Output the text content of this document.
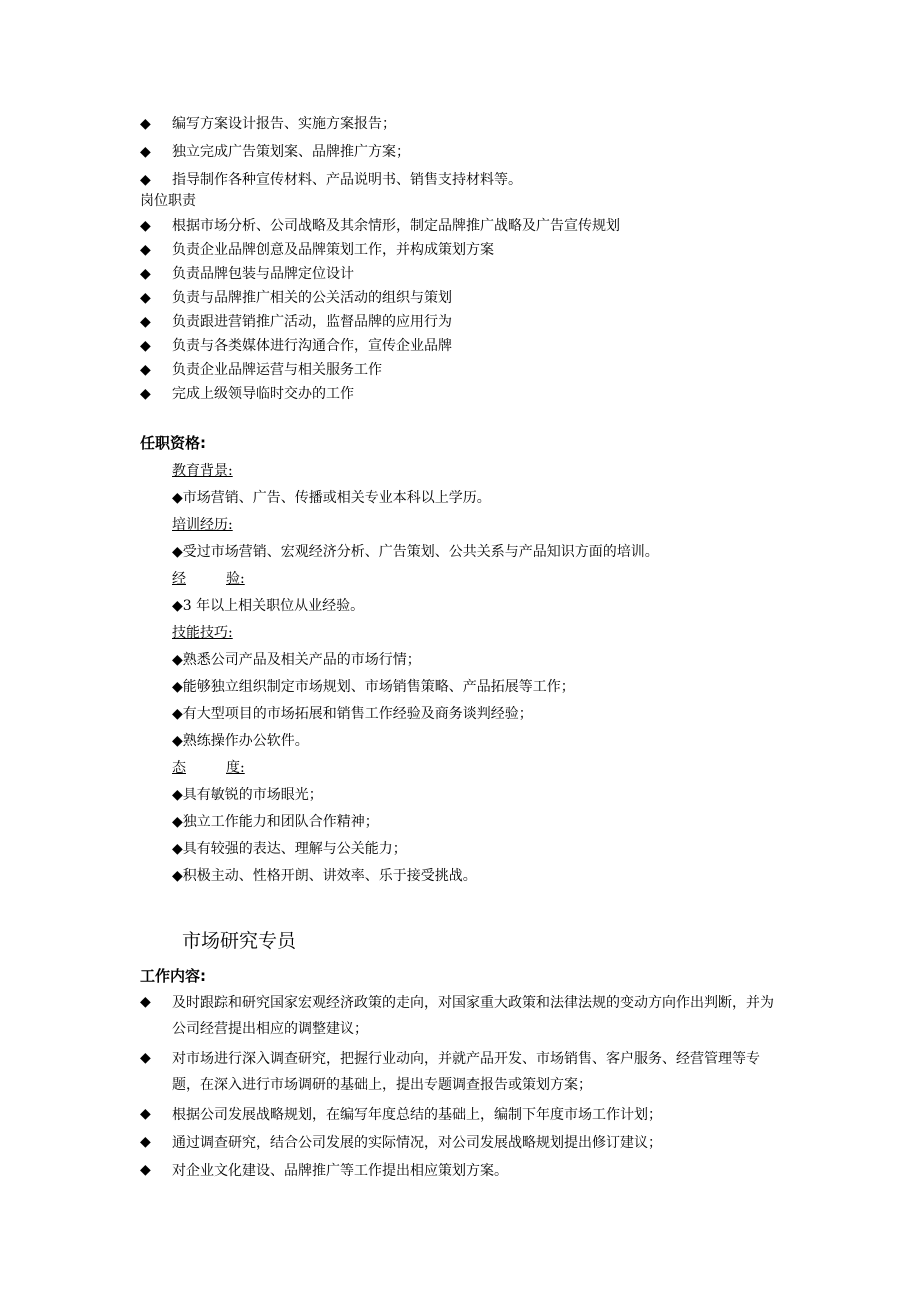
◆	编写方案设计报告、实施方案报告；
◆	独立完成广告策划案、品牌推广方案；
◆	指导制作各种宣传材料、产品说明书、销售支持材料等。
岗位职责
◆	根据市场分析、公司战略及其余情形，制定品牌推广战略及广告宣传规划
◆	负责企业品牌创意及品牌策划工作，并构成策划方案
◆	负责品牌包装与品牌定位设计
◆	负责与品牌推广相关的公关活动的组织与策划
◆	负责跟进营销推广活动，监督品牌的应用行为
◆	负责与各类媒体进行沟通合作，宣传企业品牌
◆	负责企业品牌运营与相关服务工作
◆	完成上级领导临时交办的工作
任职资格:
教育背景:
◆市场营销、广告、传播或相关专业本科以上学历。
培训经历:
◆受过市场营销、宏观经济分析、广告策划、公共关系与产品知识方面的培训。
经	验:
◆3 年以上相关职位从业经验。
技能技巧:
◆熟悉公司产品及相关产品的市场行情；
◆能够独立组织制定市场规划、市场销售策略、产品拓展等工作；
◆有大型项目的市场拓展和销售工作经验及商务谈判经验；
◆熟练操作办公软件。
态	度:
◆具有敏锐的市场眼光；
◆独立工作能力和团队合作精神；
◆具有较强的表达、理解与公关能力；
◆积极主动、性格开朗、讲效率、乐于接受挑战。
市场研究专员
工作内容:
◆	及时跟踪和研究国家宏观经济政策的走向，对国家重大政策和法律法规的变动方向作出判断，并为公司经营提出相应的调整建议；
◆	对市场进行深入调查研究，把握行业动向，并就产品开发、市场销售、客户服务、经营管理等专题，在深入进行市场调研的基础上，提出专题调查报告或策划方案；
◆	根据公司发展战略规划，在编写年度总结的基础上，编制下年度市场工作计划；
◆	通过调查研究，结合公司发展的实际情况，对公司发展战略规划提出修订建议；
◆	对企业文化建设、品牌推广等工作提出相应策划方案。
